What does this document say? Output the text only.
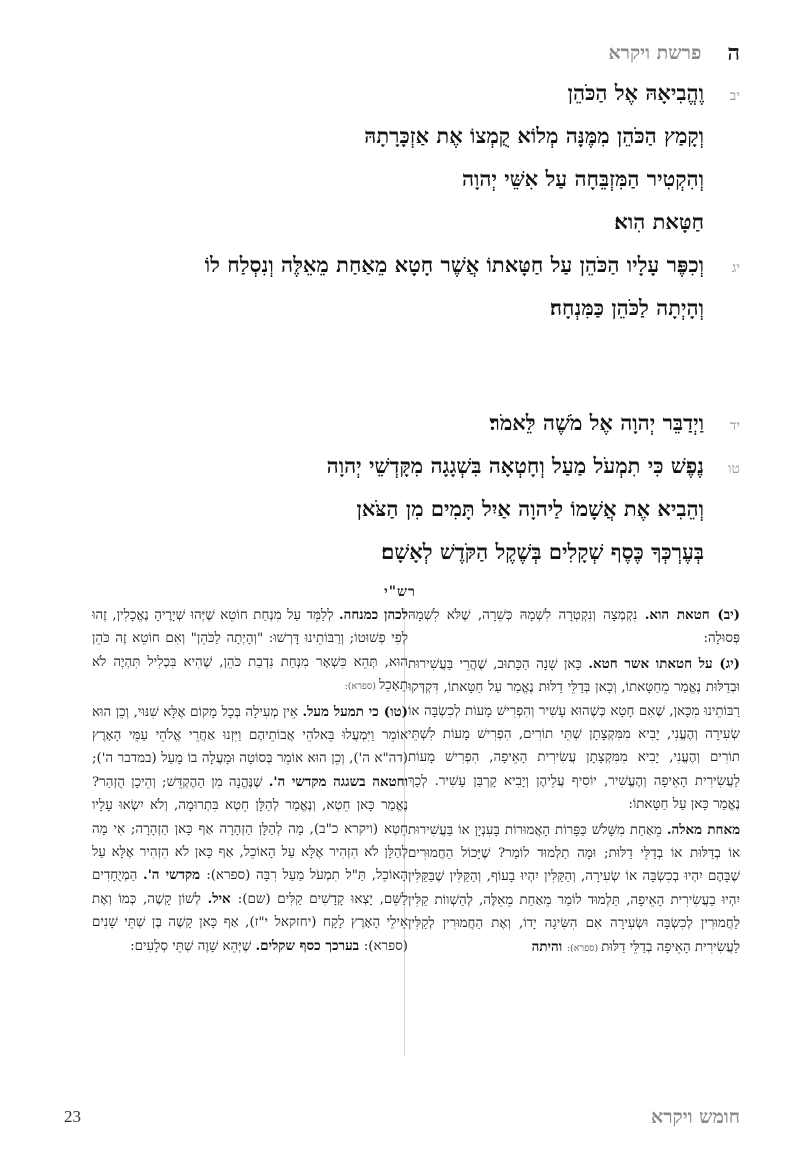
ה
פרשת ויקרא
יב
וֶהֱבִיאָהּ אֶל הַכֹּהֵן
וְקָמַץ הַכֹּהֵן מִמֶּנָּה מְלוֹא קֻמְצוֹ אֶת אַזְכָּרָתָהּ
וְהִקְטִיר הַמִּזְבֵּחָה עַל אִשֵּׁי יְהוָה
חַטָּאת הִוא׃
יג
וְכִפֶּר עָלָיו הַכֹּהֵן עַל חַטָּאתוֹ אֲשֶׁר חָטָא מֵאַחַת מֵאֵלֶּה וְנִסְלַח לוֹ
וְהָיְתָה לַכֹּהֵן כַּמִּנְחָה׃
יד
וַיְדַבֵּר יְהוָה אֶל מֹשֶׁה לֵּאמֹר׃
טו
נֶפֶשׁ כִּי תִמְעֹל מַעַל וְחָטְאָה בִּשְׁגָגָה מִקָּדְשֵׁי יְהוָה
וְהֵבִיא אֶת אֲשָׁמוֹ לַיהוָה אַיִל תָּמִים מִן הַצֹּאן
בְּעֶרְכְּךָ כֶּסֶף שְׁקָלִים בְּשֶׁקֶל הַקֹּדֶשׁ לְאָשָׁם׃
רש"י

(יב) חטאת הוא. נִקְמְצָה וְנִקְטְרָה לִשְׁמָהּ כְּשֵׁרָה, שֶׁלֹּא לִשְׁמָהּ פְּסוּלָה:

(יג) על חטאתו אשר חטא. כָּאן שָׁנָה הַכָּתוּב, שֶׁהֲרֵי בַּעֲשִׁירוּת וּבְדַלּוּת נֶאֱמַר מֵחַטָּאתוֹ, וְכָאן בְּדַלֵּי דַלּוּת נֶאֱמַר עַל חַטָּאתוֹ, דִּקְדְּקוּ רַבּוֹתֵינוּ מִכָּאן, שֶׁאִם חָטָא כְּשֶׁהוּא עָשִׁיר וְהִפְרִישׁ מָעוֹת לְכִשְׂבָּה אוֹ שְׂעִירָה וְהֶעֱנִי, יָבִיא מִמִּקְצָתָן שְׁתֵּי תוֹרִים, הִפְרִישׁ מָעוֹת לִשְׁתֵּי תוֹרִים וְהֶעֱנִי, יָבִיא מִמִּקְצָתָן עֲשִׂירִית הָאֵיפָה, הִפְרִישׁ מָעוֹת לַעֲשִׂירִית הָאֵיפָה וְהֶעֱשִׁיר, יוֹסִיף עֲלֵיהֶן וְיָבִיא קָרְבַּן עָשִׁיר. לְכָךְ נֶאֱמַר כָּאן עַל חַטָּאתוֹ:

מאחת מאלה. מֵאַחַת מִשָּׁלֹשׁ כַּפָּרוֹת הָאֲמוּרוֹת בָּעִנְיָן אוֹ בַּעֲשִׁירוּת אוֹ בְדַלּוּת אוֹ בְדַלֵּי דַלּוּת; וּמָה תַלְמוּד לוֹמַר? שֶׁיָּכוֹל הַחֲמוּרִים שֶׁבָּהֶם יִהְיוּ בְכִשְׂבָּה אוֹ שְׂעִירָה, וְהַקַּלִּין יִהְיוּ בָעוֹף, וְהַקַּלִּין שֶׁבַּקַּלִּין יִהְיוּ בַעֲשִׂירִית הָאֵיפָה, תַּלְמוּד לוֹמַר מֵאַחַת מֵאֵלֶּה, לְהַשְׁווֹת קַלִּין לַחֲמוּרִין לְכִשְׂבָּה וּשְׂעִירָה אִם הִשִּׂיגָה יָדוֹ, וְאֶת הַחֲמוּרִין לְקַלִּין לַעֲשִׂירִית הָאֵיפָה בְדַלֵּי דַלּוּת (ספרא): והיתה

לכהן כמנחה. לְלַמֵּד עַל מִנְחַת חוֹטֵא שֶׁיְּהוּ שְׁיָרֶיהָ נֶאֱכָלִין, זֶהוּ לְפִי פְשׁוּטוֹ; וְרַבּוֹתֵינוּ דָּרְשׁוּ: "וְהָיְתָה לַכֹּהֵן" וְאִם חוֹטֵא זֶה כֹּהֵן הוּא, תְּהֵא כִּשְׁאָר מִנְחַת נִדְבַת כֹּהֵן, שֶׁהִיא בִּכְלִיל תִּהְיֶה לֹא תֵאָכֵל (ספרא):

(טו) כי תמעל מעל. אֵין מְעִילָה בְּכָל מָקוֹם אֶלָּא שִׁנּוּי, וְכֵן הוּא אוֹמֵר וַיִּמְעֲלוּ בֵּאלֹהֵי אֲבוֹתֵיהֶם וַיִּזְנוּ אַחֲרֵי אֱלֹהֵי עַמֵּי הָאָרֶץ (דה"א ה'), וְכֵן הוּא אוֹמֵר בְּסוֹטָה וּמָעֲלָה בוֹ מָעַל (במדבר ה'); וחטאה בשגגה מקדשי ה'. שֶׁנֶּהֱנָה מִן הַהֶקְדֵּשׁ; וְהֵיכָן הֻזְהַר? נֶאֱמַר כָּאן חֵטְא, וְנֶאֱמַר לְהַלָּן חֵטְא בִּתְרוּמָה, וְלֹא יִשְׂאוּ עָלָיו חֵטְא (ויקרא כ"ב), מָה לְהַלָּן הַזְהָרָה אַף כָּאן הַזְהָרָה; אִי מָה לְהַלָּן לֹא הִזְהִיר אֶלָּא עַל הָאוֹכֵל, אַף כָּאן לֹא הִזְהִיר אֶלָּא עַל הָאוֹכֵל, תַּ"ל תִמְעֹל מַעַל רִבָּה (ספרא): מקדשי ה'. הַמְיֻחָדִים לַשֵּׁם, יָצְאוּ קָדָשִׁים קַלִּים (שם): איל. לְשׁוֹן קָשֶׁה, כְּמוֹ וְאֶת אֵילֵי הָאָרֶץ לָקָח (יחזקאל י"ז), אַף כָּאן קָשֶׁה בֶּן שְׁתֵּי שָׁנִים (ספרא): בערכך כסף שקלים. שֶׁיְּהֵא שָׁוֶה שְׁתֵּי סְלָעִים:

23	חומש ויקרא
